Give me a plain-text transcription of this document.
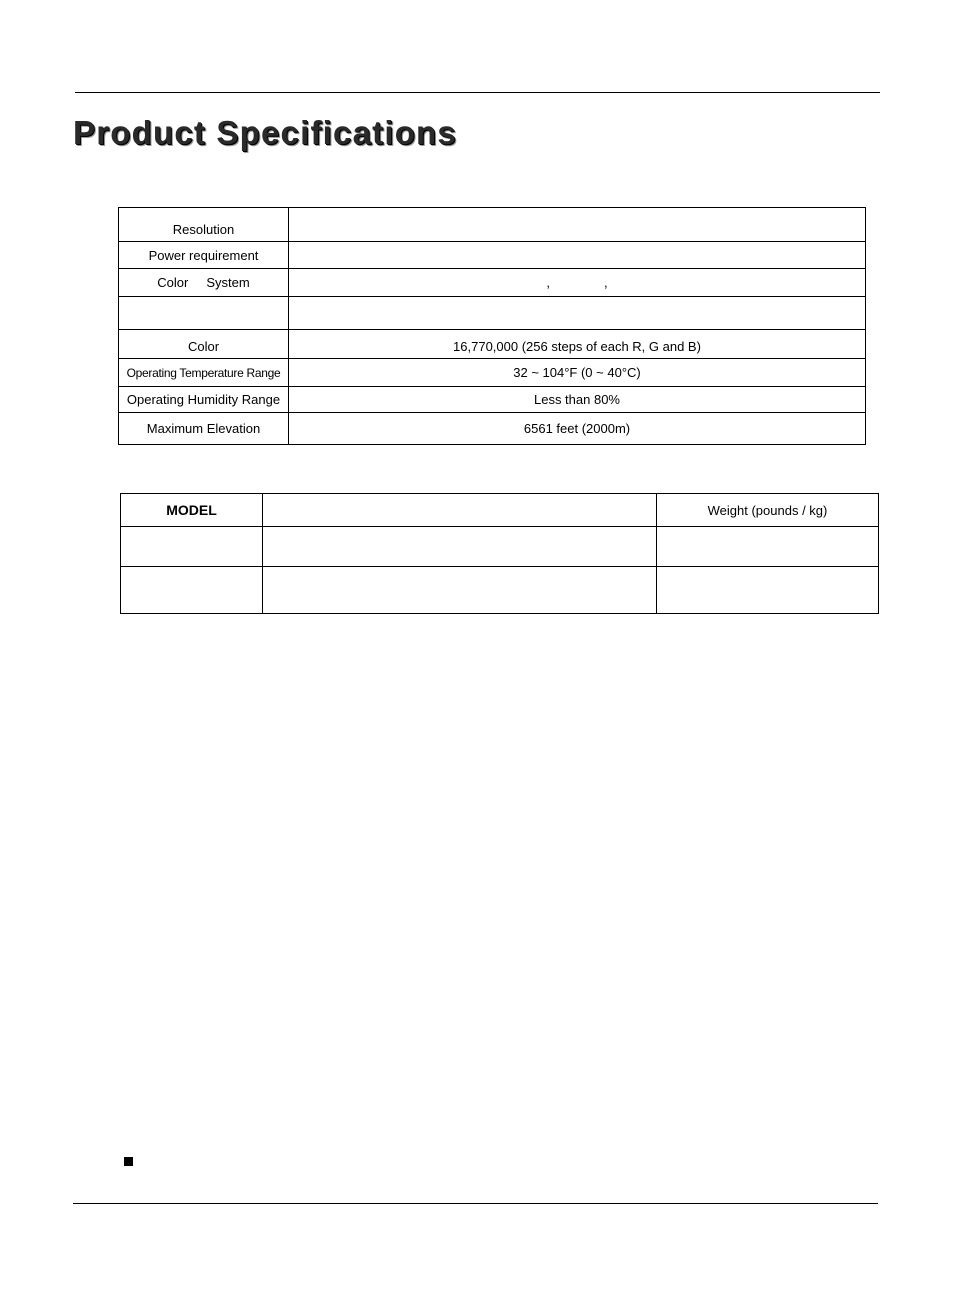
Product Specifications
Resolution	
Power requirement	
Color System	, ,

Color	16,770,000 (256 steps of each R, G and B)
Operating Temperature Range	32 ~ 104°F (0 ~ 40°C)
Operating Humidity Range	Less than 80%
Maximum Elevation	6561 feet (2000m)
MODEL		Weight (pounds / kg)
